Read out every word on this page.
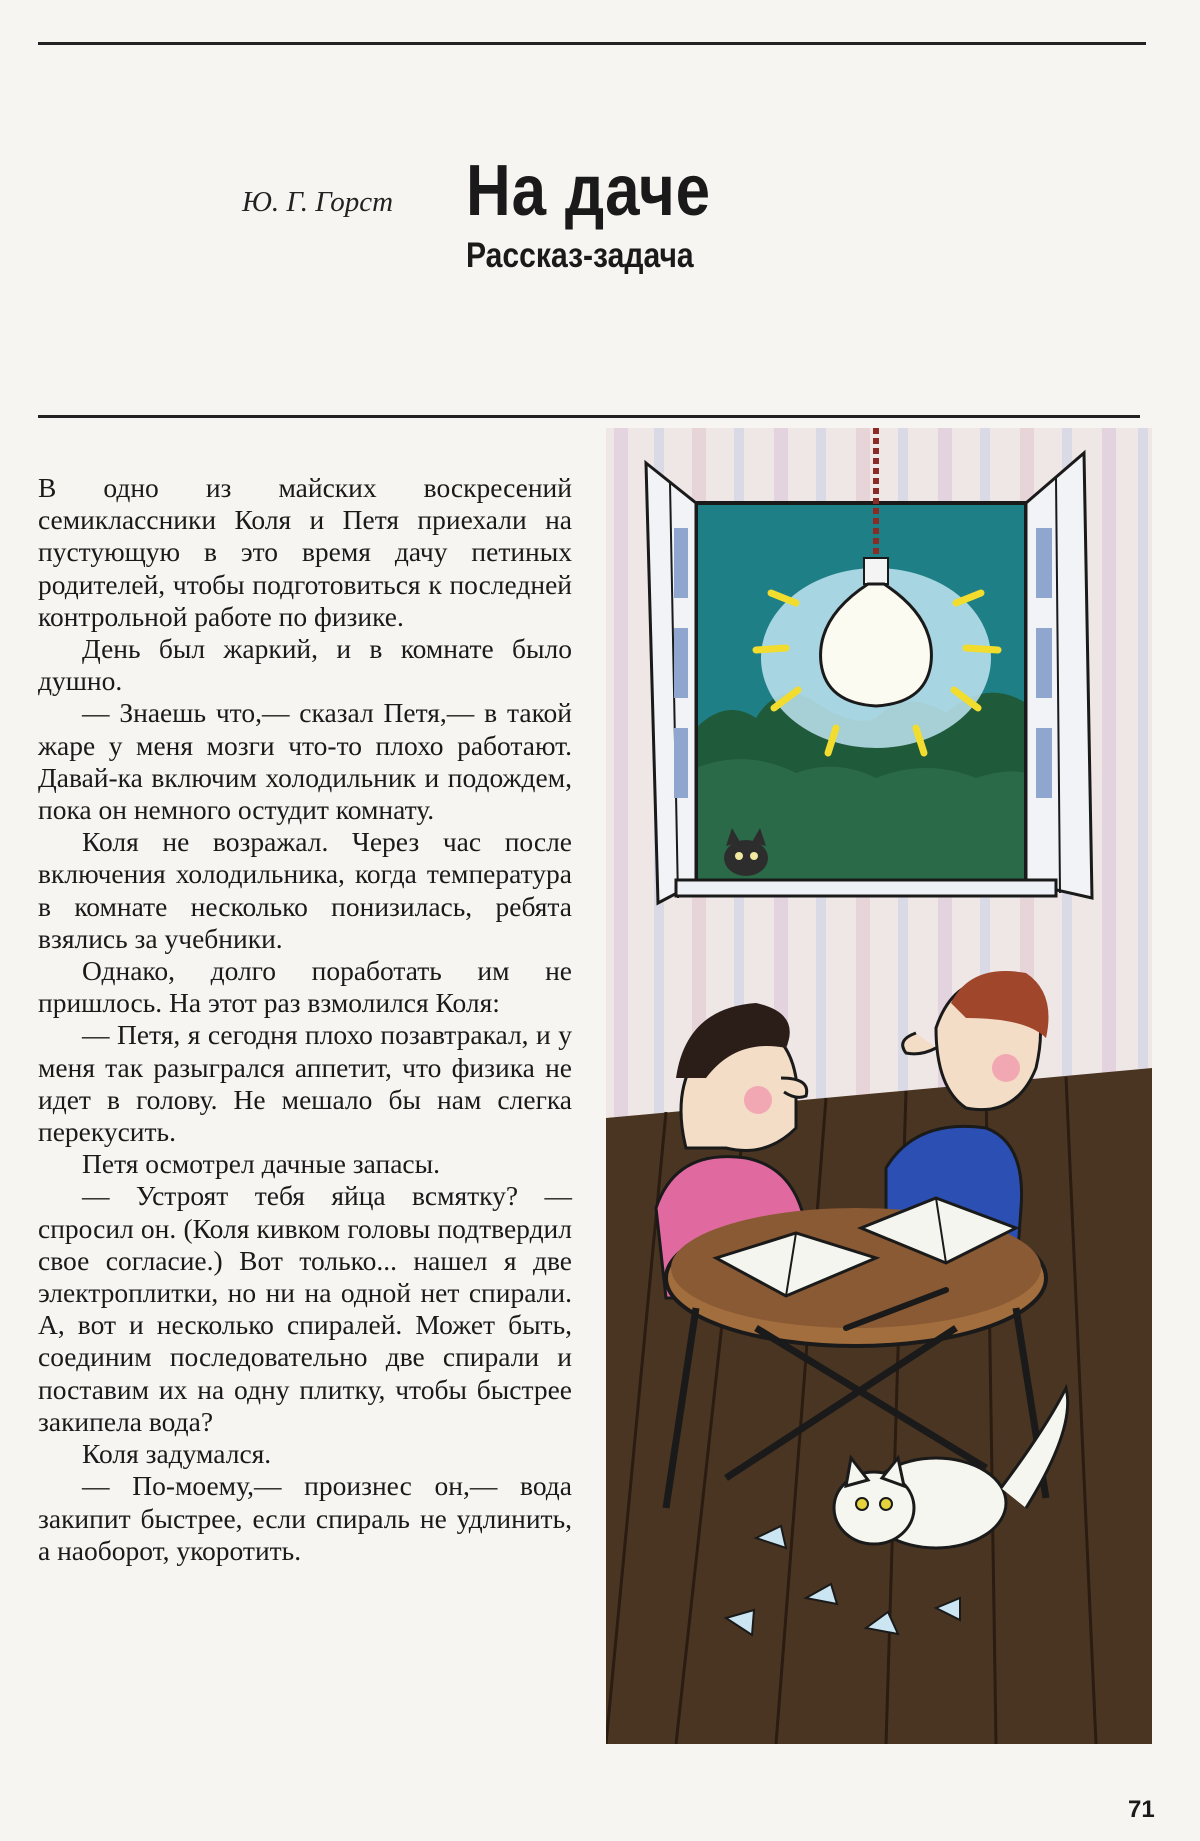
Ю. Г. Горст На даче
Рассказ-задача

В одно из майских воскресений семиклассники Коля и Петя приехали на пустующую в это время дачу петиных родителей, чтобы подготовиться к последней контрольной работе по физике.

День был жаркий, и в комнате было душно.

— Знаешь что,— сказал Петя,— в такой жаре у меня мозги что-то плохо работают. Давай-ка включим холодильник и подождем, пока он немного остудит комнату.

Коля не возражал. Через час после включения холодильника, когда температура в комнате несколько понизилась, ребята взялись за учебники.

Однако, долго поработать им не пришлось. На этот раз взмолился Коля:

— Петя, я сегодня плохо позавтракал, и у меня так разыгрался аппетит, что физика не идет в голову. Не мешало бы нам слегка перекусить.

Петя осмотрел дачные запасы.

— Устроят тебя яйца всмятку? — спросил он. (Коля кивком головы подтвердил свое согласие.) Вот только... нашел я две электроплитки, но ни на одной нет спирали. А, вот и несколько спиралей. Может быть, соединим последовательно две спирали и поставим их на одну плитку, чтобы быстрее закипела вода?

Коля задумался.

— По-моему,— произнес он,— вода закипит быстрее, если спираль не удлинить, а наоборот, укоротить.

71
